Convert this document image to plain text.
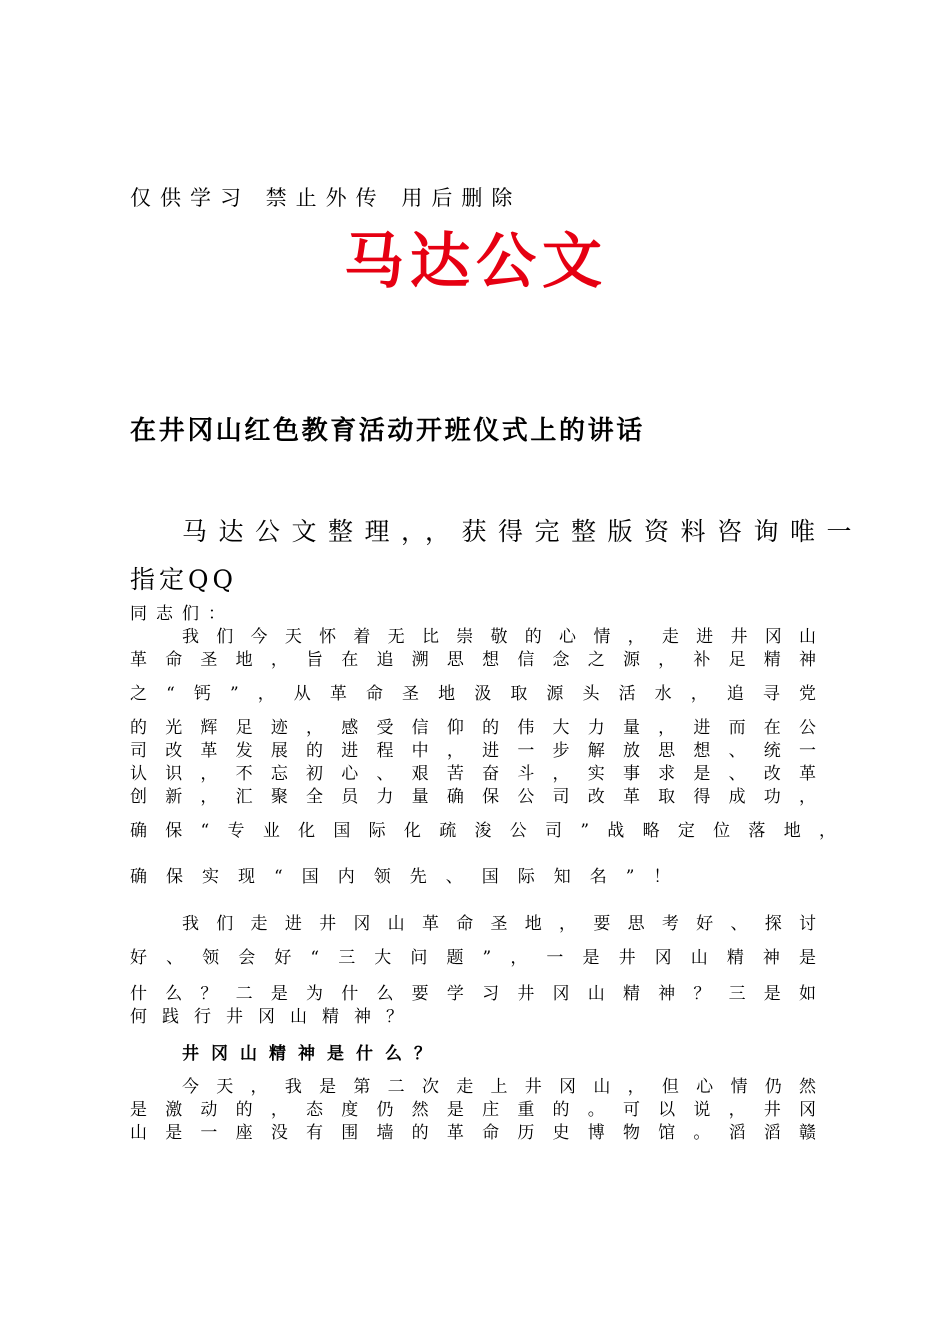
仅供学习 禁止外传 用后删除
马达公文
在井冈山红色教育活动开班仪式上的讲话
马达公文整理，，获得完整版资料咨询唯一
指定QQ
同志们：
我们今天怀着无比崇敬的心情，走进井冈山
革命圣地，旨在追溯思想信念之源，补足精神
之“钙”，从革命圣地汲取源头活水，追寻党
的光辉足迹，感受信仰的伟大力量，进而在公
司改革发展的进程中，进一步解放思想、统一
认识，不忘初心、艰苦奋斗，实事求是、改革
创新，汇聚全员力量确保公司改革取得成功，
确保“专业化国际化疏浚公司”战略定位落地，
确保实现“国内领先、国际知名”！
我们走进井冈山革命圣地，要思考好、探讨
好、领会好“三大问题”，一是井冈山精神是
什么？二是为什么要学习井冈山精神？三是如
何践行井冈山精神？
井冈山精神是什么？
今天，我是第二次走上井冈山，但心情仍然
是激动的，态度仍然是庄重的。可以说，井冈
山是一座没有围墙的革命历史博物馆。滔滔赣
